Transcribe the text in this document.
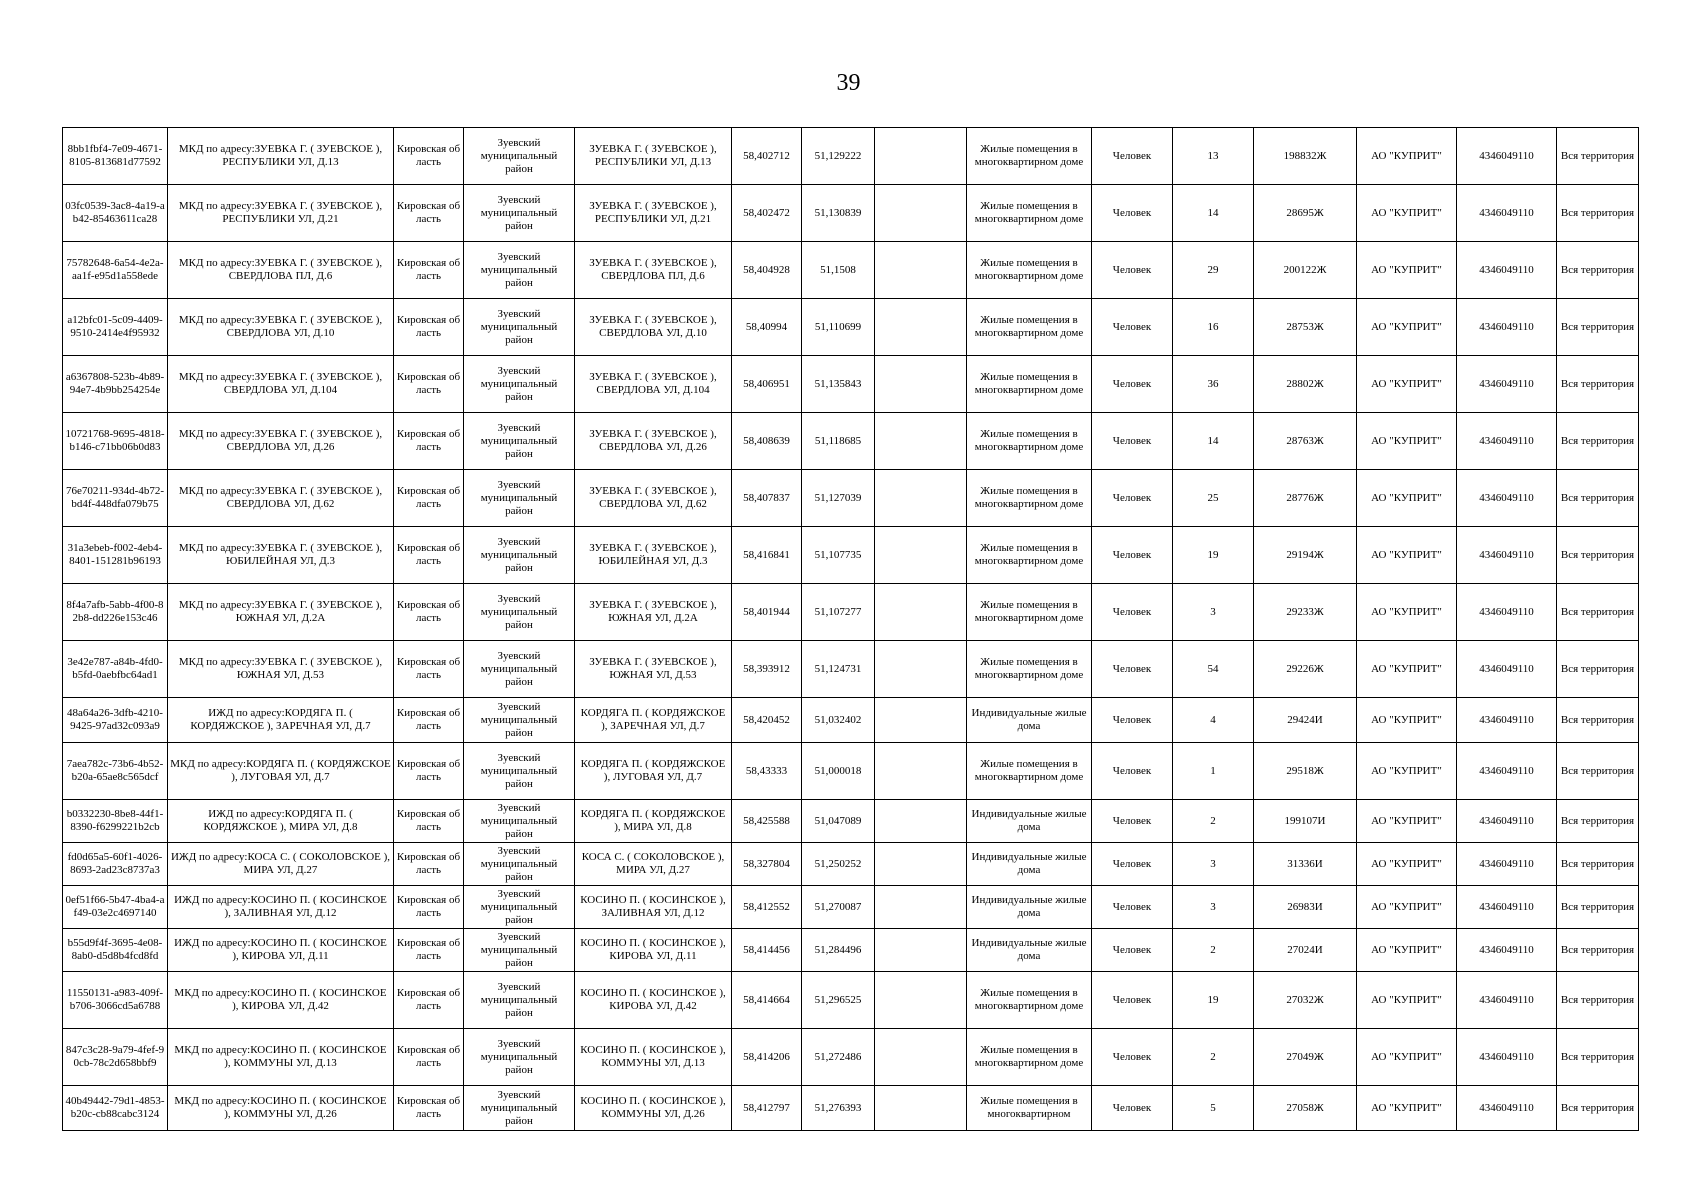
39
8bb1fbf4-7e09-4671-8105-813681d77592	МКД по адресу:ЗУЕВКА Г. ( ЗУЕВСКОЕ ), РЕСПУБЛИКИ УЛ, Д.13	Кировская область	Зуевский муниципальный район	ЗУЕВКА Г. ( ЗУЕВСКОЕ ), РЕСПУБЛИКИ УЛ, Д.13	58,402712	51,129222		Жилые помещения в многоквартирном доме	Человек	13	198832Ж	АО "КУПРИТ"	4346049110	Вся территория
03fc0539-3ac8-4a19-ab42-85463611ca28	МКД по адресу:ЗУЕВКА Г. ( ЗУЕВСКОЕ ), РЕСПУБЛИКИ УЛ, Д.21	Кировская область	Зуевский муниципальный район	ЗУЕВКА Г. ( ЗУЕВСКОЕ ), РЕСПУБЛИКИ УЛ, Д.21	58,402472	51,130839		Жилые помещения в многоквартирном доме	Человек	14	28695Ж	АО "КУПРИТ"	4346049110	Вся территория
75782648-6a54-4e2a-aa1f-e95d1a558ede	МКД по адресу:ЗУЕВКА Г. ( ЗУЕВСКОЕ ), СВЕРДЛОВА ПЛ, Д.6	Кировская область	Зуевский муниципальный район	ЗУЕВКА Г. ( ЗУЕВСКОЕ ), СВЕРДЛОВА ПЛ, Д.6	58,404928	51,1508		Жилые помещения в многоквартирном доме	Человек	29	200122Ж	АО "КУПРИТ"	4346049110	Вся территория
a12bfc01-5c09-4409-9510-2414e4f95932	МКД по адресу:ЗУЕВКА Г. ( ЗУЕВСКОЕ ), СВЕРДЛОВА УЛ, Д.10	Кировская область	Зуевский муниципальный район	ЗУЕВКА Г. ( ЗУЕВСКОЕ ), СВЕРДЛОВА УЛ, Д.10	58,40994	51,110699		Жилые помещения в многоквартирном доме	Человек	16	28753Ж	АО "КУПРИТ"	4346049110	Вся территория
a6367808-523b-4b89-94e7-4b9bb254254e	МКД по адресу:ЗУЕВКА Г. ( ЗУЕВСКОЕ ), СВЕРДЛОВА УЛ, Д.104	Кировская область	Зуевский муниципальный район	ЗУЕВКА Г. ( ЗУЕВСКОЕ ), СВЕРДЛОВА УЛ, Д.104	58,406951	51,135843		Жилые помещения в многоквартирном доме	Человек	36	28802Ж	АО "КУПРИТ"	4346049110	Вся территория
10721768-9695-4818-b146-c71bb06b0d83	МКД по адресу:ЗУЕВКА Г. ( ЗУЕВСКОЕ ), СВЕРДЛОВА УЛ, Д.26	Кировская область	Зуевский муниципальный район	ЗУЕВКА Г. ( ЗУЕВСКОЕ ), СВЕРДЛОВА УЛ, Д.26	58,408639	51,118685		Жилые помещения в многоквартирном доме	Человек	14	28763Ж	АО "КУПРИТ"	4346049110	Вся территория
76e70211-934d-4b72-bd4f-448dfa079b75	МКД по адресу:ЗУЕВКА Г. ( ЗУЕВСКОЕ ), СВЕРДЛОВА УЛ, Д.62	Кировская область	Зуевский муниципальный район	ЗУЕВКА Г. ( ЗУЕВСКОЕ ), СВЕРДЛОВА УЛ, Д.62	58,407837	51,127039		Жилые помещения в многоквартирном доме	Человек	25	28776Ж	АО "КУПРИТ"	4346049110	Вся территория
31a3ebeb-f002-4eb4-8401-151281b96193	МКД по адресу:ЗУЕВКА Г. ( ЗУЕВСКОЕ ), ЮБИЛЕЙНАЯ УЛ, Д.3	Кировская область	Зуевский муниципальный район	ЗУЕВКА Г. ( ЗУЕВСКОЕ ), ЮБИЛЕЙНАЯ УЛ, Д.3	58,416841	51,107735		Жилые помещения в многоквартирном доме	Человек	19	29194Ж	АО "КУПРИТ"	4346049110	Вся территория
8f4a7afb-5abb-4f00-82b8-dd226e153c46	МКД по адресу:ЗУЕВКА Г. ( ЗУЕВСКОЕ ), ЮЖНАЯ УЛ, Д.2А	Кировская область	Зуевский муниципальный район	ЗУЕВКА Г. ( ЗУЕВСКОЕ ), ЮЖНАЯ УЛ, Д.2А	58,401944	51,107277		Жилые помещения в многоквартирном доме	Человек	3	29233Ж	АО "КУПРИТ"	4346049110	Вся территория
3e42e787-a84b-4fd0-b5fd-0aebfbc64ad1	МКД по адресу:ЗУЕВКА Г. ( ЗУЕВСКОЕ ), ЮЖНАЯ УЛ, Д.53	Кировская область	Зуевский муниципальный район	ЗУЕВКА Г. ( ЗУЕВСКОЕ ), ЮЖНАЯ УЛ, Д.53	58,393912	51,124731		Жилые помещения в многоквартирном доме	Человек	54	29226Ж	АО "КУПРИТ"	4346049110	Вся территория
48a64a26-3dfb-4210-9425-97ad32c093a9	ИЖД по адресу:КОРДЯГА П. ( КОРДЯЖСКОЕ ), ЗАРЕЧНАЯ УЛ, Д.7	Кировская область	Зуевский муниципальный район	КОРДЯГА П. ( КОРДЯЖСКОЕ ), ЗАРЕЧНАЯ УЛ, Д.7	58,420452	51,032402		Индивидуальные жилые дома	Человек	4	29424И	АО "КУПРИТ"	4346049110	Вся территория
7aea782c-73b6-4b52-b20a-65ae8c565dcf	МКД по адресу:КОРДЯГА П. ( КОРДЯЖСКОЕ ), ЛУГОВАЯ УЛ, Д.7	Кировская область	Зуевский муниципальный район	КОРДЯГА П. ( КОРДЯЖСКОЕ ), ЛУГОВАЯ УЛ, Д.7	58,43333	51,000018		Жилые помещения в многоквартирном доме	Человек	1	29518Ж	АО "КУПРИТ"	4346049110	Вся территория
b0332230-8be8-44f1-8390-f6299221b2cb	ИЖД по адресу:КОРДЯГА П. ( КОРДЯЖСКОЕ ), МИРА УЛ, Д.8	Кировская область	Зуевский муниципальный район	КОРДЯГА П. ( КОРДЯЖСКОЕ ), МИРА УЛ, Д.8	58,425588	51,047089		Индивидуальные жилые дома	Человек	2	199107И	АО "КУПРИТ"	4346049110	Вся территория
fd0d65a5-60f1-4026-8693-2ad23c8737a3	ИЖД по адресу:КОСА С. ( СОКОЛОВСКОЕ ), МИРА УЛ, Д.27	Кировская область	Зуевский муниципальный район	КОСА С. ( СОКОЛОВСКОЕ ), МИРА УЛ, Д.27	58,327804	51,250252		Индивидуальные жилые дома	Человек	3	31336И	АО "КУПРИТ"	4346049110	Вся территория
0ef51f66-5b47-4ba4-af49-03e2c4697140	ИЖД по адресу:КОСИНО П. ( КОСИНСКОЕ ), ЗАЛИВНАЯ УЛ, Д.12	Кировская область	Зуевский муниципальный район	КОСИНО П. ( КОСИНСКОЕ ), ЗАЛИВНАЯ УЛ, Д.12	58,412552	51,270087		Индивидуальные жилые дома	Человек	3	26983И	АО "КУПРИТ"	4346049110	Вся территория
b55d9f4f-3695-4e08-8ab0-d5d8b4fcd8fd	ИЖД по адресу:КОСИНО П. ( КОСИНСКОЕ ), КИРОВА УЛ, Д.11	Кировская область	Зуевский муниципальный район	КОСИНО П. ( КОСИНСКОЕ ), КИРОВА УЛ, Д.11	58,414456	51,284496		Индивидуальные жилые дома	Человек	2	27024И	АО "КУПРИТ"	4346049110	Вся территория
11550131-a983-409f-b706-3066cd5a6788	МКД по адресу:КОСИНО П. ( КОСИНСКОЕ ), КИРОВА УЛ, Д.42	Кировская область	Зуевский муниципальный район	КОСИНО П. ( КОСИНСКОЕ ), КИРОВА УЛ, Д.42	58,414664	51,296525		Жилые помещения в многоквартирном доме	Человек	19	27032Ж	АО "КУПРИТ"	4346049110	Вся территория
847c3c28-9a79-4fef-90cb-78c2d658bbf9	МКД по адресу:КОСИНО П. ( КОСИНСКОЕ ), КОММУНЫ УЛ, Д.13	Кировская область	Зуевский муниципальный район	КОСИНО П. ( КОСИНСКОЕ ), КОММУНЫ УЛ, Д.13	58,414206	51,272486		Жилые помещения в многоквартирном доме	Человек	2	27049Ж	АО "КУПРИТ"	4346049110	Вся территория
40b49442-79d1-4853-b20c-cb88cabc3124	МКД по адресу:КОСИНО П. ( КОСИНСКОЕ ), КОММУНЫ УЛ, Д.26	Кировская область	Зуевский муниципальный район	КОСИНО П. ( КОСИНСКОЕ ), КОММУНЫ УЛ, Д.26	58,412797	51,276393		Жилые помещения в многоквартирном	Человек	5	27058Ж	АО "КУПРИТ"	4346049110	Вся территория
